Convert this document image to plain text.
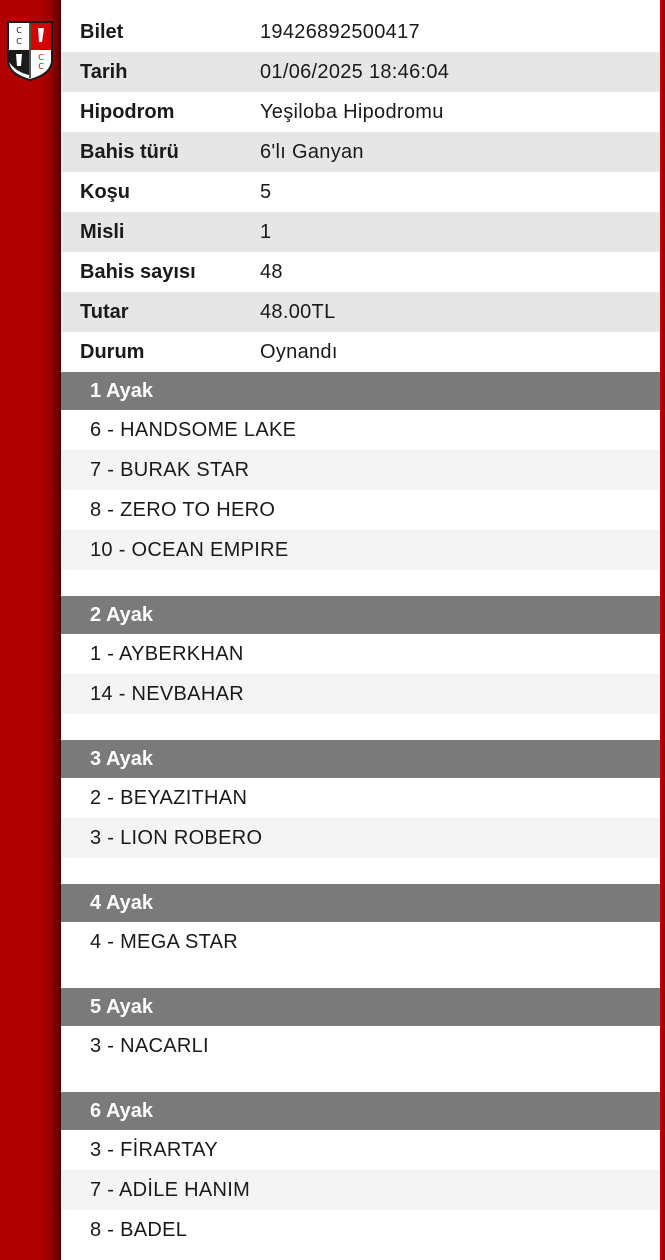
C
C
C
C
Bilet	19426892500417
Tarih	01/06/2025 18:46:04
Hipodrom	Yeşiloba Hipodromu
Bahis türü	6'lı Ganyan
Koşu	5
Misli	1
Bahis sayısı	48
Tutar	48.00TL
Durum	Oynandı
1 Ayak
6 - HANDSOME LAKE
7 - BURAK STAR
8 - ZERO TO HERO
10 - OCEAN EMPIRE
2 Ayak
1 - AYBERKHAN
14 - NEVBAHAR
3 Ayak
2 - BEYAZITHAN
3 - LION ROBERO
4 Ayak
4 - MEGA STAR
5 Ayak
3 - NACARLI
6 Ayak
3 - FİRARTAY
7 - ADİLE HANIM
8 - BADEL
